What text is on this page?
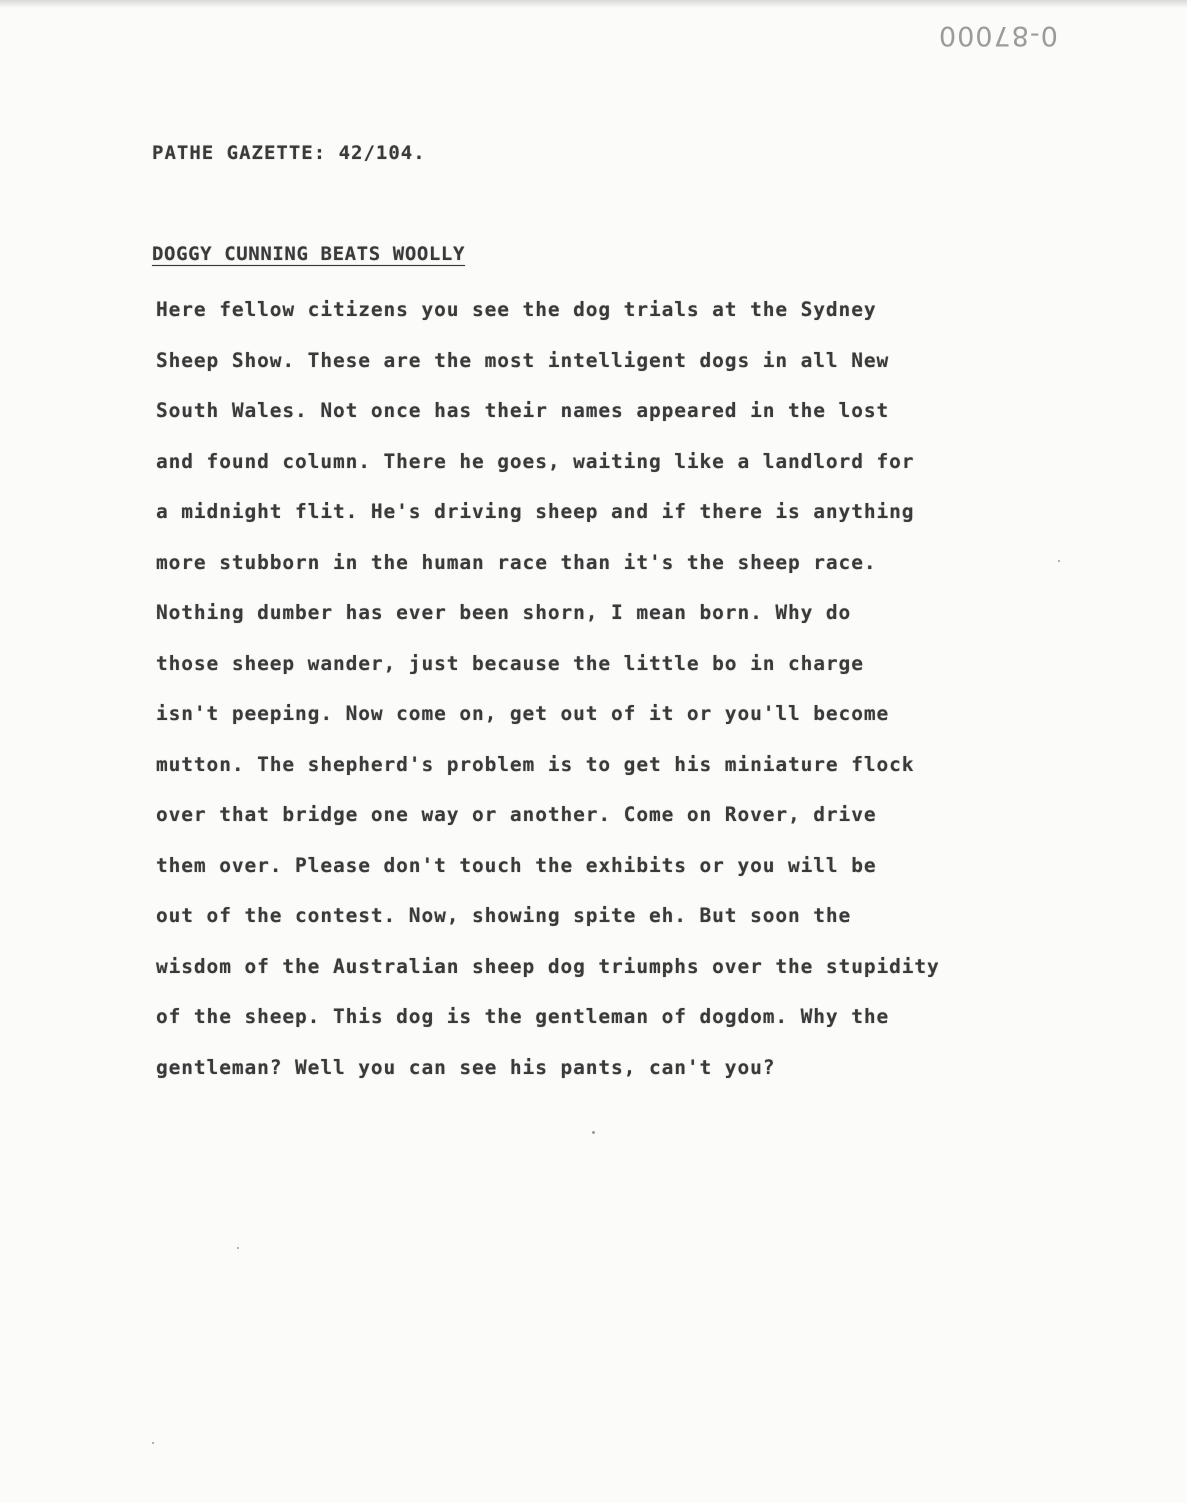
0-87000
PATHE GAZETTE: 42/104.
DOGGY CUNNING BEATS WOOLLY
Here fellow citizens you see the dog trials at the Sydney
Sheep Show. These are the most intelligent dogs in all New
South Wales. Not once has their names appeared in the lost
and found column. There he goes, waiting like a landlord for
a midnight flit. He's driving sheep and if there is anything
more stubborn in the human race than it's the sheep race.
Nothing dumber has ever been shorn, I mean born. Why do
those sheep wander, just because the little bo in charge
isn't peeping. Now come on, get out of it or you'll become
mutton. The shepherd's problem is to get his miniature flock
over that bridge one way or another. Come on Rover, drive
them over. Please don't touch the exhibits or you will be
out of the contest. Now, showing spite eh. But soon the
wisdom of the Australian sheep dog triumphs over the stupidity
of the sheep. This dog is the gentleman of dogdom. Why the
gentleman? Well you can see his pants, can't you?
